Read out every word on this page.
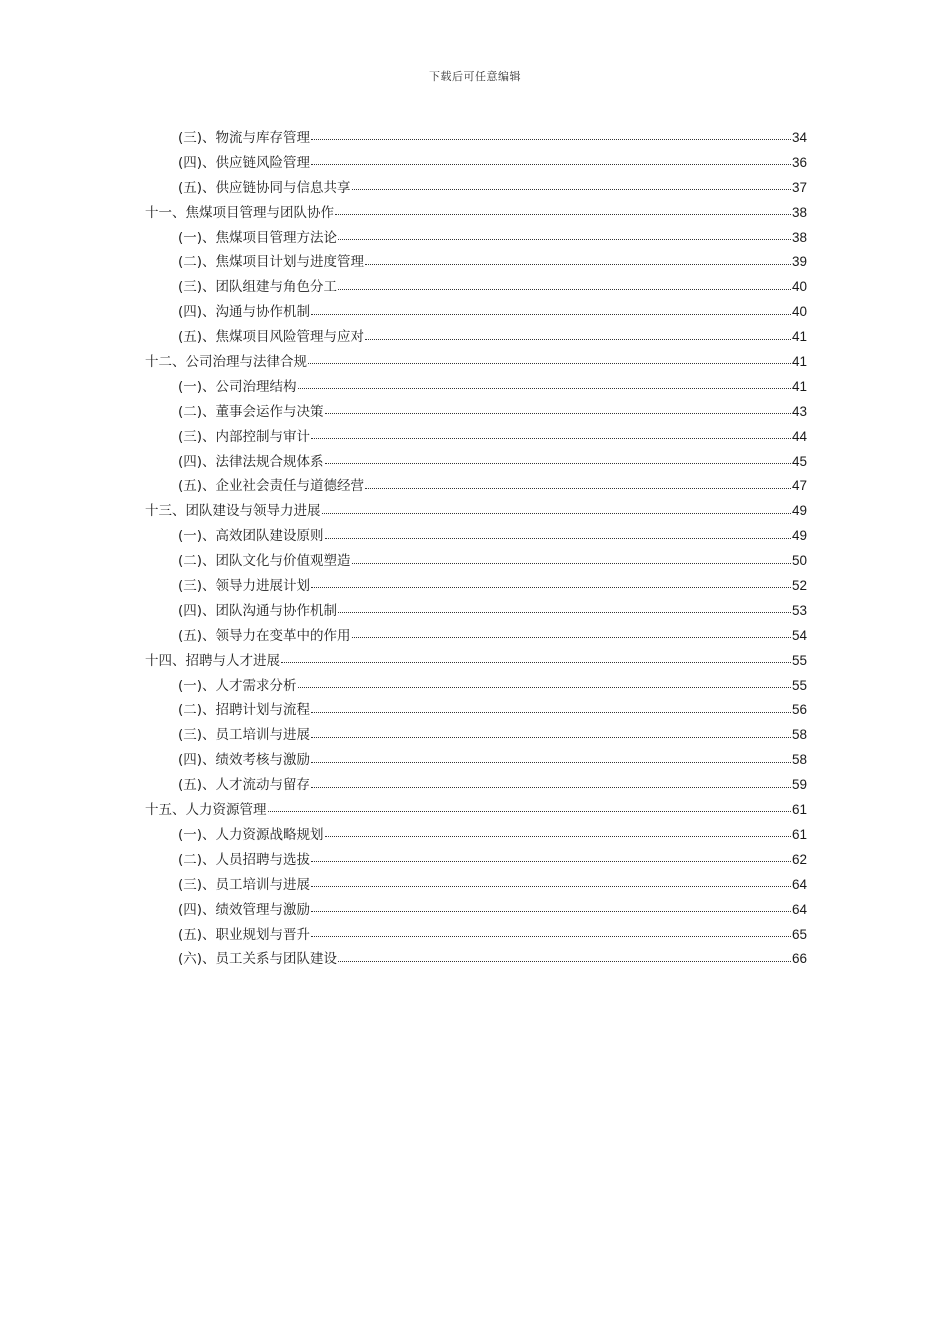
下载后可任意编辑
(三)、物流与库存管理	34
(四)、供应链风险管理	36
(五)、供应链协同与信息共享	37
十一、焦煤项目管理与团队协作	38
(一)、焦煤项目管理方法论	38
(二)、焦煤项目计划与进度管理	39
(三)、团队组建与角色分工	40
(四)、沟通与协作机制	40
(五)、焦煤项目风险管理与应对	41
十二、公司治理与法律合规	41
(一)、公司治理结构	41
(二)、董事会运作与决策	43
(三)、内部控制与审计	44
(四)、法律法规合规体系	45
(五)、企业社会责任与道德经营	47
十三、团队建设与领导力进展	49
(一)、高效团队建设原则	49
(二)、团队文化与价值观塑造	50
(三)、领导力进展计划	52
(四)、团队沟通与协作机制	53
(五)、领导力在变革中的作用	54
十四、招聘与人才进展	55
(一)、人才需求分析	55
(二)、招聘计划与流程	56
(三)、员工培训与进展	58
(四)、绩效考核与激励	58
(五)、人才流动与留存	59
十五、人力资源管理	61
(一)、人力资源战略规划	61
(二)、人员招聘与选拔	62
(三)、员工培训与进展	64
(四)、绩效管理与激励	64
(五)、职业规划与晋升	65
(六)、员工关系与团队建设	66
